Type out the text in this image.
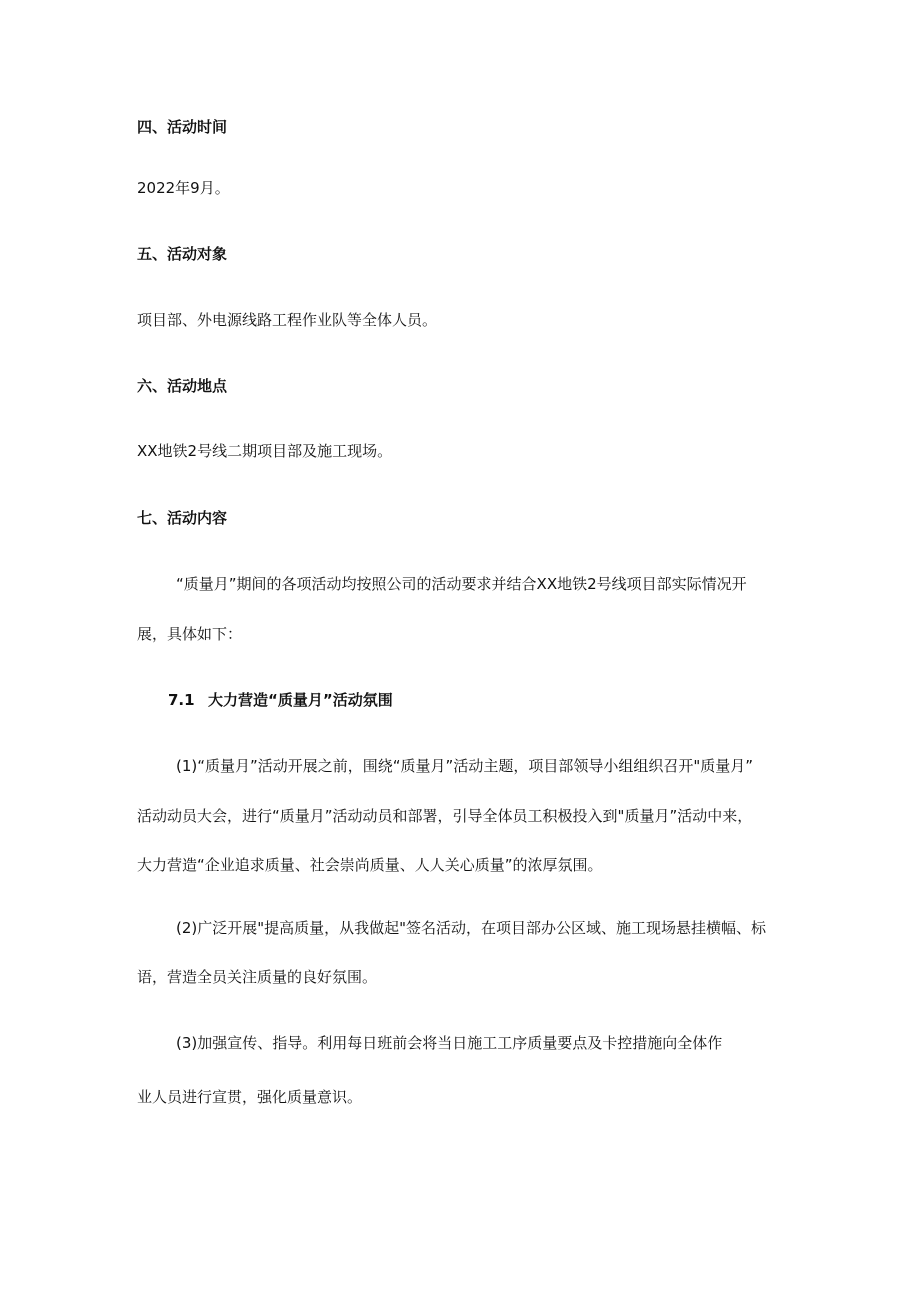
四、活动时间
2022年9月。
五、活动对象
项目部、外电源线路工程作业队等全体人员。
六、活动地点
XX地铁2号线二期项目部及施工现场。
七、活动内容
“质量月”期间的各项活动均按照公司的活动要求并结合XX地铁2号线项目部实际情况开
展，具体如下：
7.1 大力营造“质量月”活动氛围
(1)“质量月”活动开展之前，围绕“质量月”活动主题，项目部领导小组组织召开"质量月”
活动动员大会，进行“质量月”活动动员和部署，引导全体员工积极投入到"质量月”活动中来，
大力营造“企业追求质量、社会崇尚质量、人人关心质量”的浓厚氛围。
(2)广泛开展"提高质量，从我做起"签名活动，在项目部办公区域、施工现场悬挂横幅、标
语，营造全员关注质量的良好氛围。
(3)加强宣传、指导。利用每日班前会将当日施工工序质量要点及卡控措施向全体作
业人员进行宣贯，强化质量意识。
